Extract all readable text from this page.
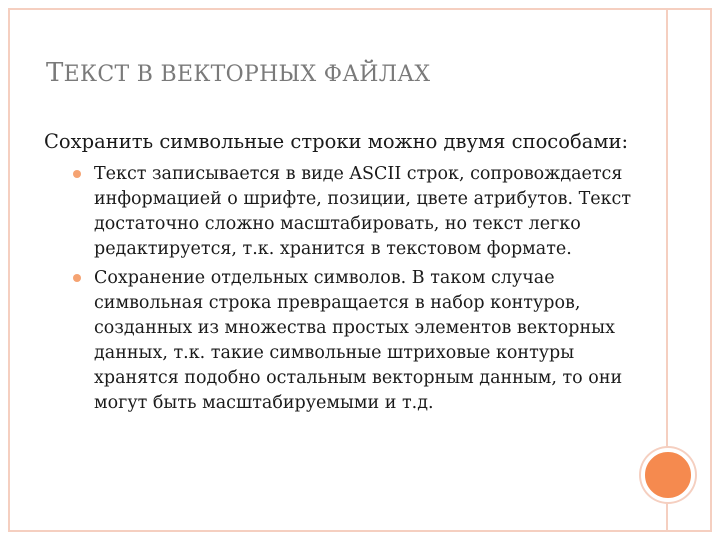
ТЕКСТ В ВЕКТОРНЫХ ФАЙЛАХ

Сохранить символьные строки можно двумя способами:

Текст записывается в виде ASCII строк, сопровождается информацией о шрифте, позиции, цвете атрибутов. Текст достаточно сложно масштабировать, но текст легко редактируется, т.к. хранится в текстовом формате.
Сохранение отдельных символов. В таком случае символьная строка превращается в набор контуров, созданных из множества простых элементов векторных данных, т.к. такие символьные штриховые контуры хранятся подобно остальным векторным данным, то они могут быть масштабируемыми и т.д.
